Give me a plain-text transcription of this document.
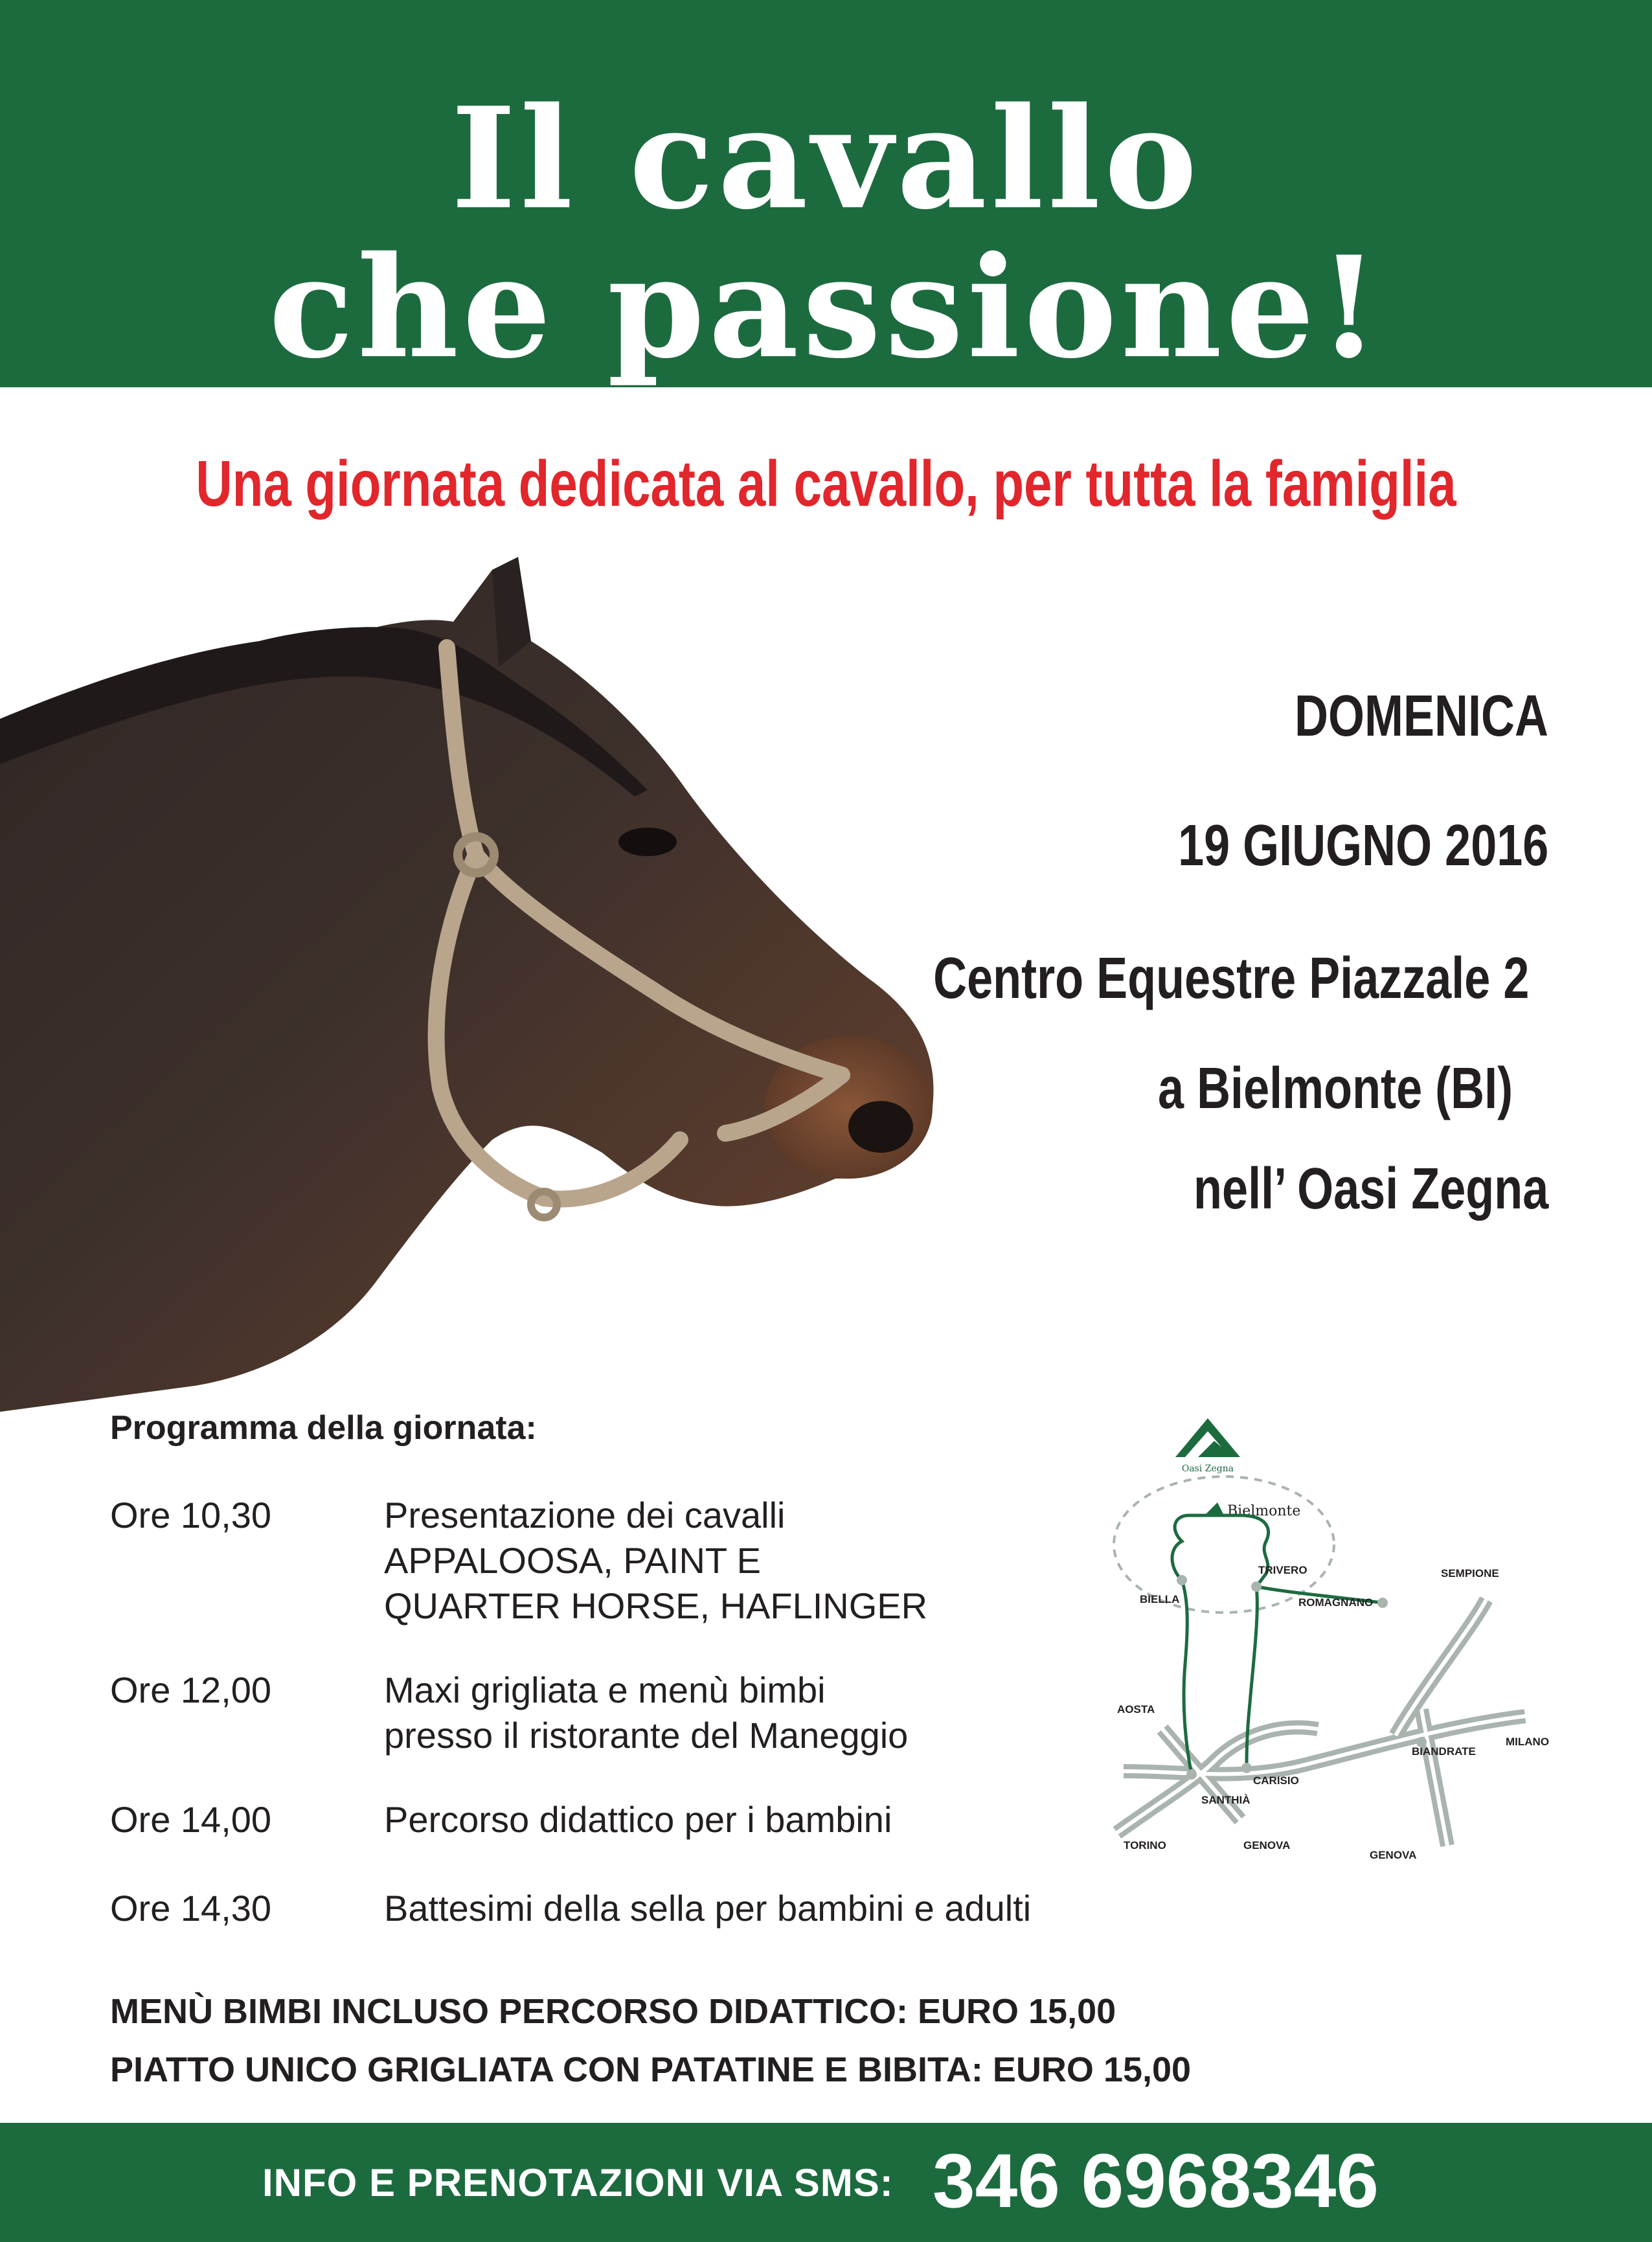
Il cavallo
che passione!
Una giornata dedicata al cavallo, per tutta la famiglia
DOMENICA
19 GIUGNO 2016
Centro Equestre Piazzale 2
a Bielmonte (BI)
nell’ Oasi Zegna
Programma della giornata:
Ore 10,30	Presentazione dei cavalli
APPALOOSA, PAINT E
QUARTER HORSE, HAFLINGER
Ore 12,00	Maxi grigliata e menù bimbi
presso il ristorante del Maneggio
Ore 14,00	Percorso didattico per i bambini
Ore 14,30	Battesimi della sella per bambini e adulti
Oasi Zegna
Bielmonte
SEMPIONE
TRIVERO
BIELLA	ROMAGNANO
AOSTA
BIANDRATE
MILANO
CARISIO
SANTHIÀ
TORINO	GENOVA
GENOVA
MENÙ BIMBI INCLUSO PERCORSO DIDATTICO: EURO 15,00
PIATTO UNICO GRIGLIATA CON PATATINE E BIBITA: EURO 15,00
INFO E PRENOTAZIONI VIA SMS: 346 6968346
